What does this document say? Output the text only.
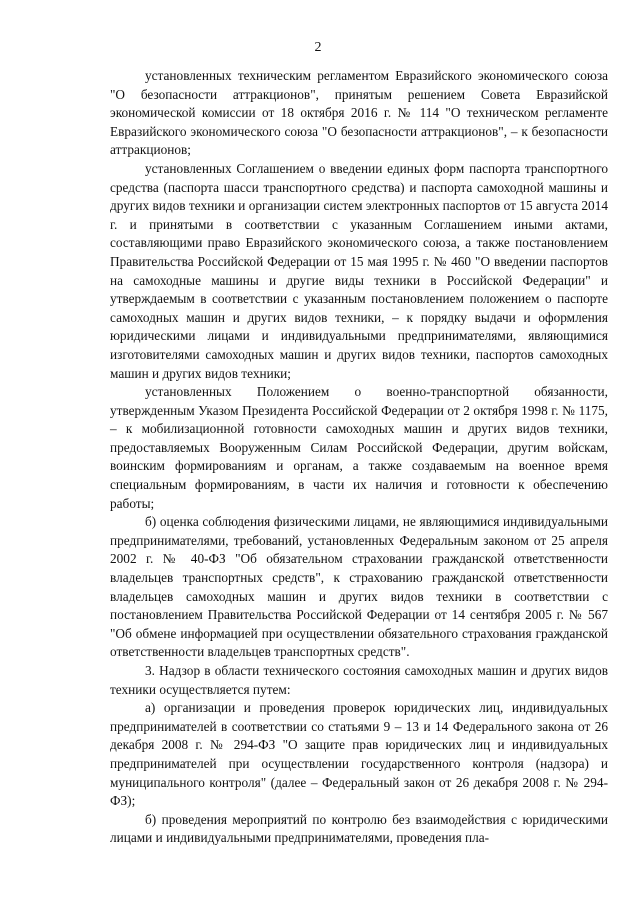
2

установленных техническим регламентом Евразийского экономического союза "О безопасности аттракционов", принятым решением Совета Евразийской экономической комиссии от 18 октября 2016 г. № 114 "О техническом регламенте Евразийского экономического союза "О безопасности аттракционов", – к безопасности аттракционов;

установленных Соглашением о введении единых форм паспорта транспортного средства (паспорта шасси транспортного средства) и паспорта самоходной машины и других видов техники и организации систем электронных паспортов от 15 августа 2014 г. и принятыми в соответствии с указанным Соглашением иными актами, составляющими право Евразийского экономического союза, а также постановлением Правительства Российской Федерации от 15 мая 1995 г. № 460 "О введении паспортов на самоходные машины и другие виды техники в Российской Федерации" и утверждаемым в соответствии с указанным постановлением положением о паспорте самоходных машин и других видов техники, – к порядку выдачи и оформления юридическими лицами и индивидуальными предпринимателями, являющимися изготовителями самоходных машин и других видов техники, паспортов самоходных машин и других видов техники;

установленных Положением о военно-транспортной обязанности, утвержденным Указом Президента Российской Федерации от 2 октября 1998 г. № 1175, – к мобилизационной готовности самоходных машин и других видов техники, предоставляемых Вооруженным Силам Российской Федерации, другим войскам, воинским формированиям и органам, а также создаваемым на военное время специальным формированиям, в части их наличия и готовности к обеспечению работы;

б) оценка соблюдения физическими лицами, не являющимися индивидуальными предпринимателями, требований, установленных Федеральным законом от 25 апреля 2002 г. № 40-ФЗ "Об обязательном страховании гражданской ответственности владельцев транспортных средств", к страхованию гражданской ответственности владельцев самоходных машин и других видов техники в соответствии с постановлением Правительства Российской Федерации от 14 сентября 2005 г. № 567 "Об обмене информацией при осуществлении обязательного страхования гражданской ответственности владельцев транспортных средств".

3. Надзор в области технического состояния самоходных машин и других видов техники осуществляется путем:

а) организации и проведения проверок юридических лиц, индивидуальных предпринимателей в соответствии со статьями 9 – 13 и 14 Федерального закона от 26 декабря 2008 г. № 294-ФЗ "О защите прав юридических лиц и индивидуальных предпринимателей при осуществлении государственного контроля (надзора) и муниципального контроля" (далее – Федеральный закон от 26 декабря 2008 г. № 294-ФЗ);

б) проведения мероприятий по контролю без взаимодействия с юридическими лицами и индивидуальными предпринимателями, проведения пла-
